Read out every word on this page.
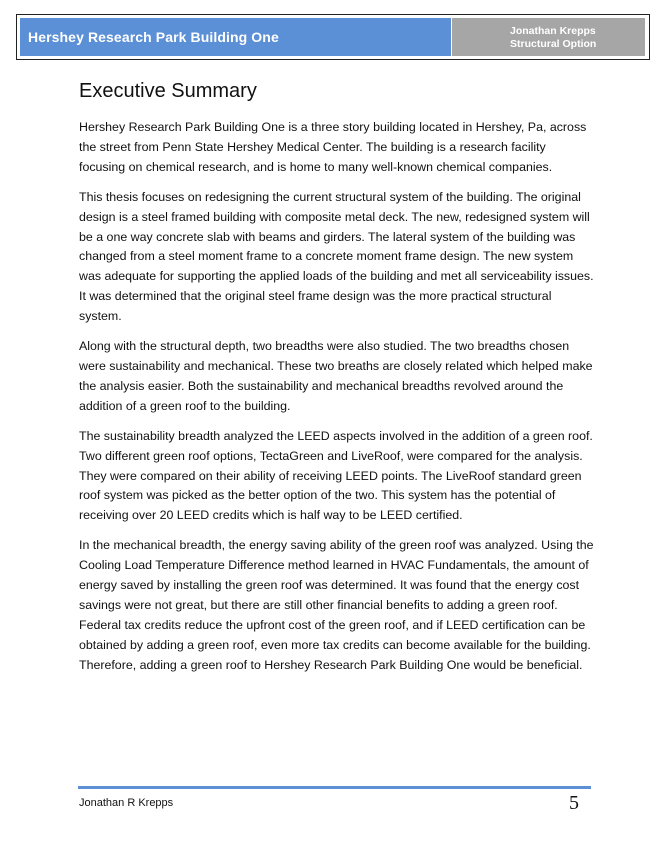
Hershey Research Park Building One	Jonathan Krepps
Structural Option
Executive Summary

Hershey Research Park Building One is a three story building located in Hershey, Pa, across the street from Penn State Hershey Medical Center. The building is a research facility focusing on chemical research, and is home to many well-known chemical companies.

This thesis focuses on redesigning the current structural system of the building. The original design is a steel framed building with composite metal deck. The new, redesigned system will be a one way concrete slab with beams and girders. The lateral system of the building was changed from a steel moment frame to a concrete moment frame design. The new system was adequate for supporting the applied loads of the building and met all serviceability issues. It was determined that the original steel frame design was the more practical structural system.

Along with the structural depth, two breadths were also studied. The two breadths chosen were sustainability and mechanical. These two breaths are closely related which helped make the analysis easier. Both the sustainability and mechanical breadths revolved around the addition of a green roof to the building.

The sustainability breadth analyzed the LEED aspects involved in the addition of a green roof. Two different green roof options, TectaGreen and LiveRoof, were compared for the analysis. They were compared on their ability of receiving LEED points. The LiveRoof standard green roof system was picked as the better option of the two. This system has the potential of receiving over 20 LEED credits which is half way to be LEED certified.

In the mechanical breadth, the energy saving ability of the green roof was analyzed. Using the Cooling Load Temperature Difference method learned in HVAC Fundamentals, the amount of energy saved by installing the green roof was determined. It was found that the energy cost savings were not great, but there are still other financial benefits to adding a green roof. Federal tax credits reduce the upfront cost of the green roof, and if LEED certification can be obtained by adding a green roof, even more tax credits can become available for the building. Therefore, adding a green roof to Hershey Research Park Building One would be beneficial.

Jonathan R Krepps	5
